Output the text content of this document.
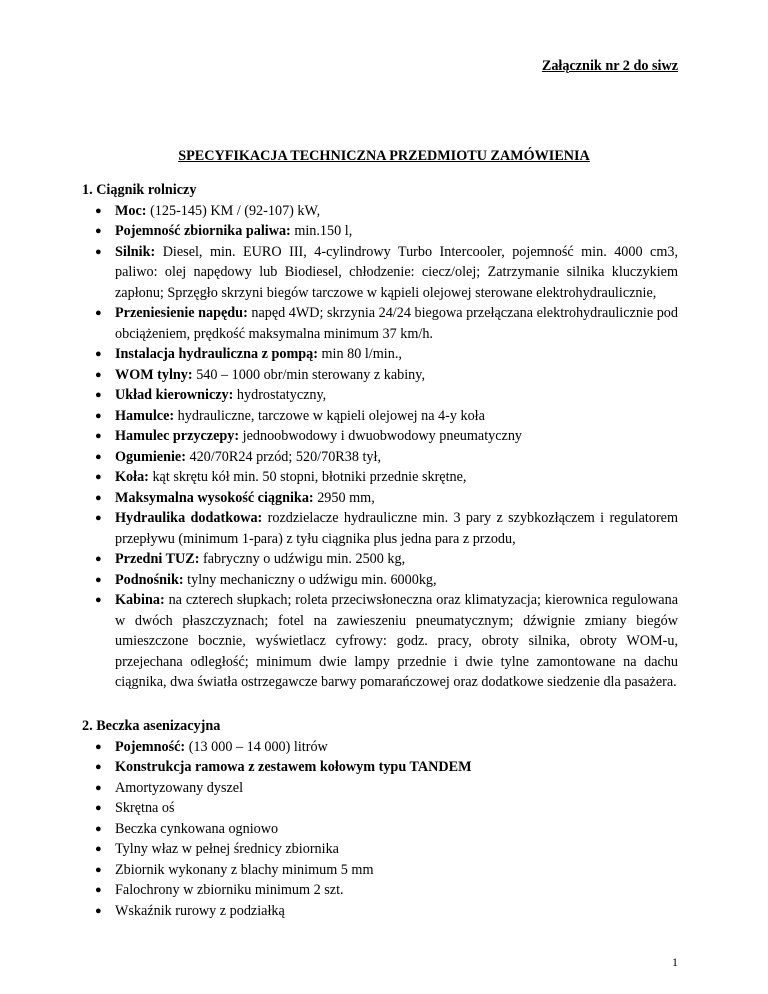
Załącznik nr 2 do siwz
SPECYFIKACJA TECHNICZNA PRZEDMIOTU ZAMÓWIENIA
1. Ciągnik rolniczy
● Moc: (125-145) KM / (92-107) kW,
● Pojemność zbiornika paliwa: min.150 l,
● Silnik: Diesel, min. EURO III, 4-cylindrowy Turbo Intercooler, pojemność min. 4000 cm3, paliwo: olej napędowy lub Biodiesel, chłodzenie: ciecz/olej; Zatrzymanie silnika kluczykiem zapłonu; Sprzęgło skrzyni biegów tarczowe w kąpieli olejowej sterowane elektrohydraulicznie,
● Przeniesienie napędu: napęd 4WD; skrzynia 24/24 biegowa przełączana elektrohydraulicznie pod obciążeniem, prędkość maksymalna minimum 37 km/h.
● Instalacja hydrauliczna z pompą: min 80 l/min.,
● WOM tylny: 540 – 1000 obr/min sterowany z kabiny,
● Układ kierowniczy: hydrostatyczny,
● Hamulce: hydrauliczne, tarczowe w kąpieli olejowej na 4-y koła
● Hamulec przyczepy: jednoobwodowy i dwuobwodowy pneumatyczny
● Ogumienie: 420/70R24 przód; 520/70R38 tył,
● Koła: kąt skrętu kół min. 50 stopni, błotniki przednie skrętne,
● Maksymalna wysokość ciągnika: 2950 mm,
● Hydraulika dodatkowa: rozdzielacze hydrauliczne min. 3 pary z szybkozłączem i regulatorem przepływu (minimum 1-para) z tyłu ciągnika plus jedna para z przodu,
● Przedni TUZ: fabryczny o udźwigu min. 2500 kg,
● Podnośnik: tylny mechaniczny o udźwigu min. 6000kg,
● Kabina: na czterech słupkach; roleta przeciwsłoneczna oraz klimatyzacja; kierownica regulowana w dwóch płaszczyznach; fotel na zawieszeniu pneumatycznym; dźwignie zmiany biegów umieszczone bocznie, wyświetlacz cyfrowy: godz. pracy, obroty silnika, obroty WOM-u, przejechana odległość; minimum dwie lampy przednie i dwie tylne zamontowane na dachu ciągnika, dwa światła ostrzegawcze barwy pomarańczowej oraz dodatkowe siedzenie dla pasażera.
2. Beczka asenizacyjna
● Pojemność: (13 000 – 14 000) litrów
● Konstrukcja ramowa z zestawem kołowym typu TANDEM
● Amortyzowany dyszel
● Skrętna oś
● Beczka cynkowana ogniowo
● Tylny właz w pełnej średnicy zbiornika
● Zbiornik wykonany z blachy minimum 5 mm
● Falochrony w zbiorniku minimum 2 szt.
● Wskaźnik rurowy z podziałką
1
